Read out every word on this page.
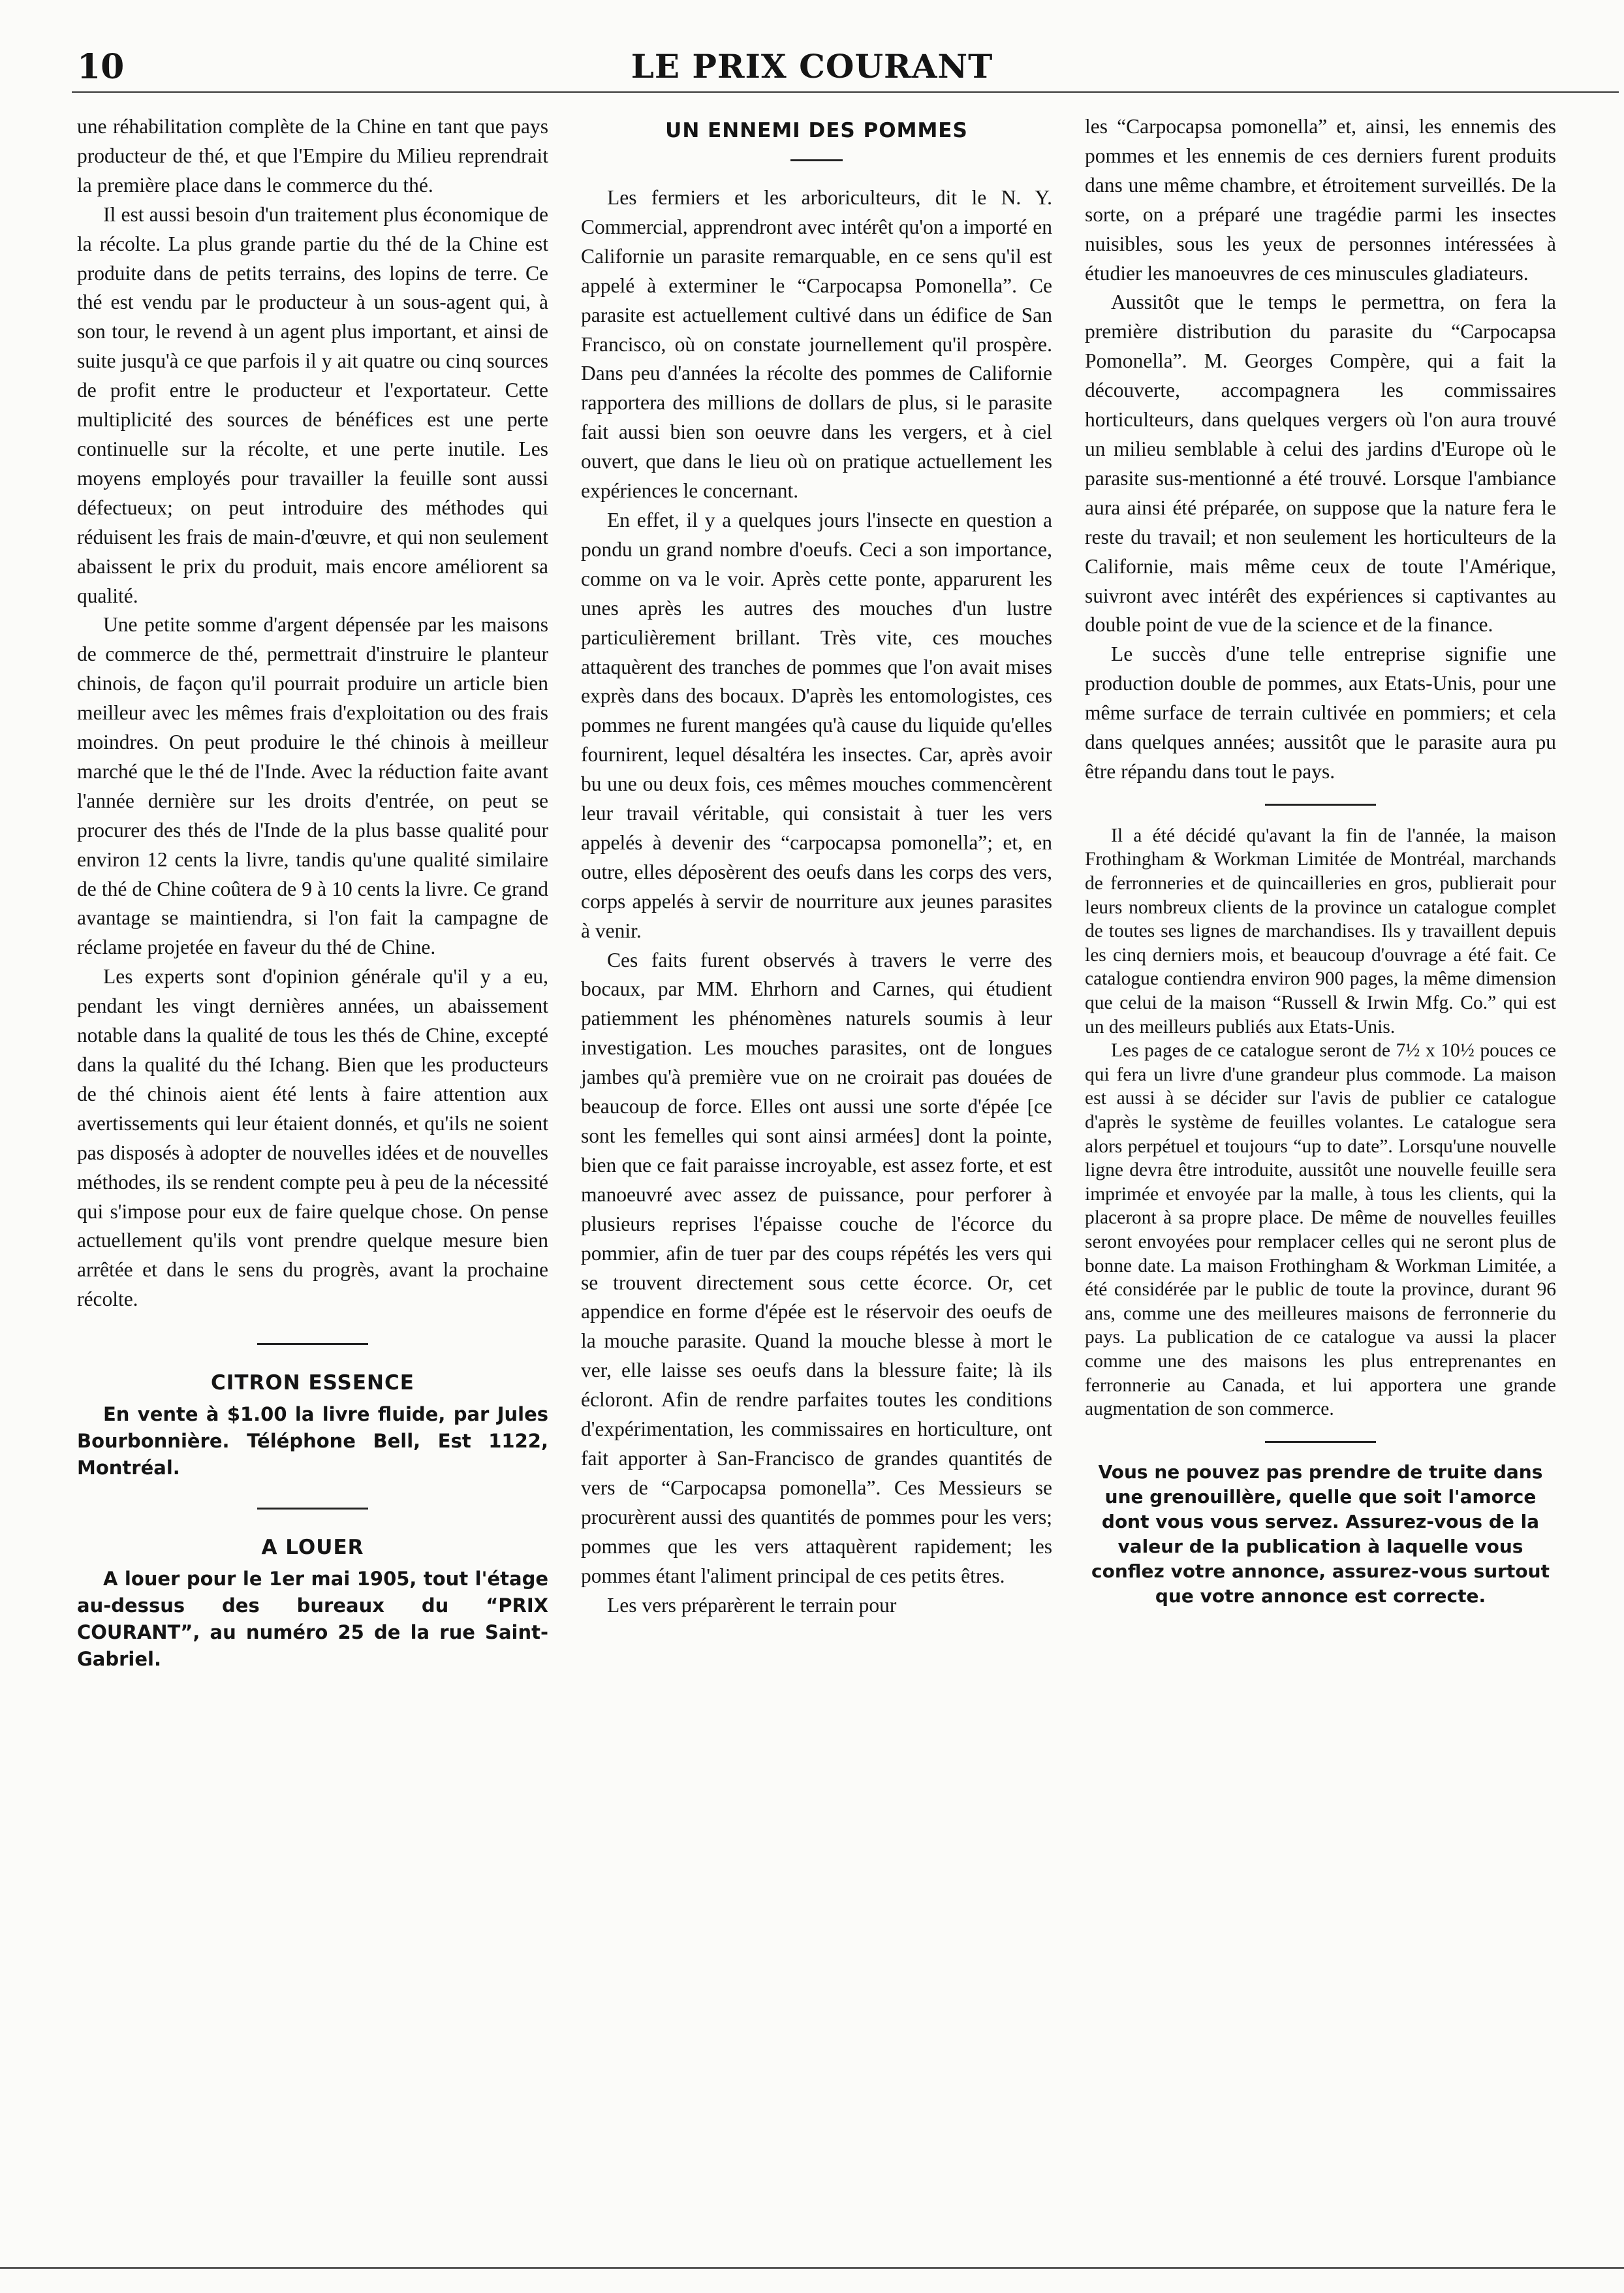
10	LE PRIX COURANT

une réhabilitation complète de la Chine en tant que pays producteur de thé, et que l'Empire du Milieu reprendrait la première place dans le commerce du thé.

Il est aussi besoin d'un traitement plus économique de la récolte. La plus grande partie du thé de la Chine est produite dans de petits terrains, des lopins de terre. Ce thé est vendu par le producteur à un sous-agent qui, à son tour, le revend à un agent plus important, et ainsi de suite jusqu'à ce que parfois il y ait quatre ou cinq sources de profit entre le producteur et l'exportateur. Cette multiplicité des sources de bénéfices est une perte continuelle sur la récolte, et une perte inutile. Les moyens employés pour travailler la feuille sont aussi défectueux; on peut introduire des méthodes qui réduisent les frais de main-d'œuvre, et qui non seulement abaissent le prix du produit, mais encore améliorent sa qualité.

Une petite somme d'argent dépensée par les maisons de commerce de thé, permettrait d'instruire le planteur chinois, de façon qu'il pourrait produire un article bien meilleur avec les mêmes frais d'exploitation ou des frais moindres. On peut produire le thé chinois à meilleur marché que le thé de l'Inde. Avec la réduction faite avant l'année dernière sur les droits d'entrée, on peut se procurer des thés de l'Inde de la plus basse qualité pour environ 12 cents la livre, tandis qu'une qualité similaire de thé de Chine coûtera de 9 à 10 cents la livre. Ce grand avantage se maintiendra, si l'on fait la campagne de réclame projetée en faveur du thé de Chine.

Les experts sont d'opinion générale qu'il y a eu, pendant les vingt dernières années, un abaissement notable dans la qualité de tous les thés de Chine, excepté dans la qualité du thé Ichang. Bien que les producteurs de thé chinois aient été lents à faire attention aux avertissements qui leur étaient donnés, et qu'ils ne soient pas disposés à adopter de nouvelles idées et de nouvelles méthodes, ils se rendent compte peu à peu de la nécessité qui s'impose pour eux de faire quelque chose. On pense actuellement qu'ils vont prendre quelque mesure bien arrêtée et dans le sens du progrès, avant la prochaine récolte.

CITRON ESSENCE

En vente à $1.00 la livre fluide, par Jules Bourbonnière. Téléphone Bell, Est 1122, Montréal.

A LOUER

A louer pour le 1er mai 1905, tout l'étage au-dessus des bureaux du “PRIX COURANT”, au numéro 25 de la rue Saint-Gabriel.

UN ENNEMI DES POMMES

Les fermiers et les arboriculteurs, dit le N. Y. Commercial, apprendront avec intérêt qu'on a importé en Californie un parasite remarquable, en ce sens qu'il est appelé à exterminer le “Carpocapsa Pomonella”. Ce parasite est actuellement cultivé dans un édifice de San Francisco, où on constate journellement qu'il prospère. Dans peu d'années la récolte des pommes de Californie rapportera des millions de dollars de plus, si le parasite fait aussi bien son oeuvre dans les vergers, et à ciel ouvert, que dans le lieu où on pratique actuellement les expériences le concernant.

En effet, il y a quelques jours l'insecte en question a pondu un grand nombre d'oeufs. Ceci a son importance, comme on va le voir. Après cette ponte, apparurent les unes après les autres des mouches d'un lustre particulièrement brillant. Très vite, ces mouches attaquèrent des tranches de pommes que l'on avait mises exprès dans des bocaux. D'après les entomologistes, ces pommes ne furent mangées qu'à cause du liquide qu'elles fournirent, lequel désaltéra les insectes. Car, après avoir bu une ou deux fois, ces mêmes mouches commencèrent leur travail véritable, qui consistait à tuer les vers appelés à devenir des “carpocapsa pomonella”; et, en outre, elles déposèrent des oeufs dans les corps des vers, corps appelés à servir de nourriture aux jeunes parasites à venir.

Ces faits furent observés à travers le verre des bocaux, par MM. Ehrhorn and Carnes, qui étudient patiemment les phénomènes naturels soumis à leur investigation. Les mouches parasites, ont de longues jambes qu'à première vue on ne croirait pas douées de beaucoup de force. Elles ont aussi une sorte d'épée [ce sont les femelles qui sont ainsi armées] dont la pointe, bien que ce fait paraisse incroyable, est assez forte, et est manoeuvré avec assez de puissance, pour perforer à plusieurs reprises l'épaisse couche de l'écorce du pommier, afin de tuer par des coups répétés les vers qui se trouvent directement sous cette écorce. Or, cet appendice en forme d'épée est le réservoir des oeufs de la mouche parasite. Quand la mouche blesse à mort le ver, elle laisse ses oeufs dans la blessure faite; là ils écloront. Afin de rendre parfaites toutes les conditions d'expérimentation, les commissaires en horticulture, ont fait apporter à San-Francisco de grandes quantités de vers de “Carpocapsa pomonella”. Ces Messieurs se procurèrent aussi des quantités de pommes pour les vers; pommes que les vers attaquèrent rapidement; les pommes étant l'aliment principal de ces petits êtres.

Les vers préparèrent le terrain pour

les “Carpocapsa pomonella” et, ainsi, les ennemis des pommes et les ennemis de ces derniers furent produits dans une même chambre, et étroitement surveillés. De la sorte, on a préparé une tragédie parmi les insectes nuisibles, sous les yeux de personnes intéressées à étudier les manoeuvres de ces minuscules gladiateurs.

Aussitôt que le temps le permettra, on fera la première distribution du parasite du “Carpocapsa Pomonella”. M. Georges Compère, qui a fait la découverte, accompagnera les commissaires horticulteurs, dans quelques vergers où l'on aura trouvé un milieu semblable à celui des jardins d'Europe où le parasite sus-mentionné a été trouvé. Lorsque l'ambiance aura ainsi été préparée, on suppose que la nature fera le reste du travail; et non seulement les horticulteurs de la Californie, mais même ceux de toute l'Amérique, suivront avec intérêt des expériences si captivantes au double point de vue de la science et de la finance.

Le succès d'une telle entreprise signifie une production double de pommes, aux Etats-Unis, pour une même surface de terrain cultivée en pommiers; et cela dans quelques années; aussitôt que le parasite aura pu être répandu dans tout le pays.

Il a été décidé qu'avant la fin de l'année, la maison Frothingham & Workman Limitée de Montréal, marchands de ferronneries et de quincailleries en gros, publierait pour leurs nombreux clients de la province un catalogue complet de toutes ses lignes de marchandises. Ils y travaillent depuis les cinq derniers mois, et beaucoup d'ouvrage a été fait. Ce catalogue contiendra environ 900 pages, la même dimension que celui de la maison “Russell & Irwin Mfg. Co.” qui est un des meilleurs publiés aux Etats-Unis.

Les pages de ce catalogue seront de 7½ x 10½ pouces ce qui fera un livre d'une grandeur plus commode. La maison est aussi à se décider sur l'avis de publier ce catalogue d'après le système de feuilles volantes. Le catalogue sera alors perpétuel et toujours “up to date”. Lorsqu'une nouvelle ligne devra être introduite, aussitôt une nouvelle feuille sera imprimée et envoyée par la malle, à tous les clients, qui la placeront à sa propre place. De même de nouvelles feuilles seront envoyées pour remplacer celles qui ne seront plus de bonne date. La maison Frothingham & Workman Limitée, a été considérée par le public de toute la province, durant 96 ans, comme une des meilleures maisons de ferronnerie du pays. La publication de ce catalogue va aussi la placer comme une des maisons les plus entreprenantes en ferronnerie au Canada, et lui apportera une grande augmentation de son commerce.

Vous ne pouvez pas prendre de truite dans une grenouillère, quelle que soit l'amorce dont vous vous servez. Assurez-vous de la valeur de la publication à laquelle vous conflez votre annonce, assurez-vous surtout que votre annonce est correcte.
